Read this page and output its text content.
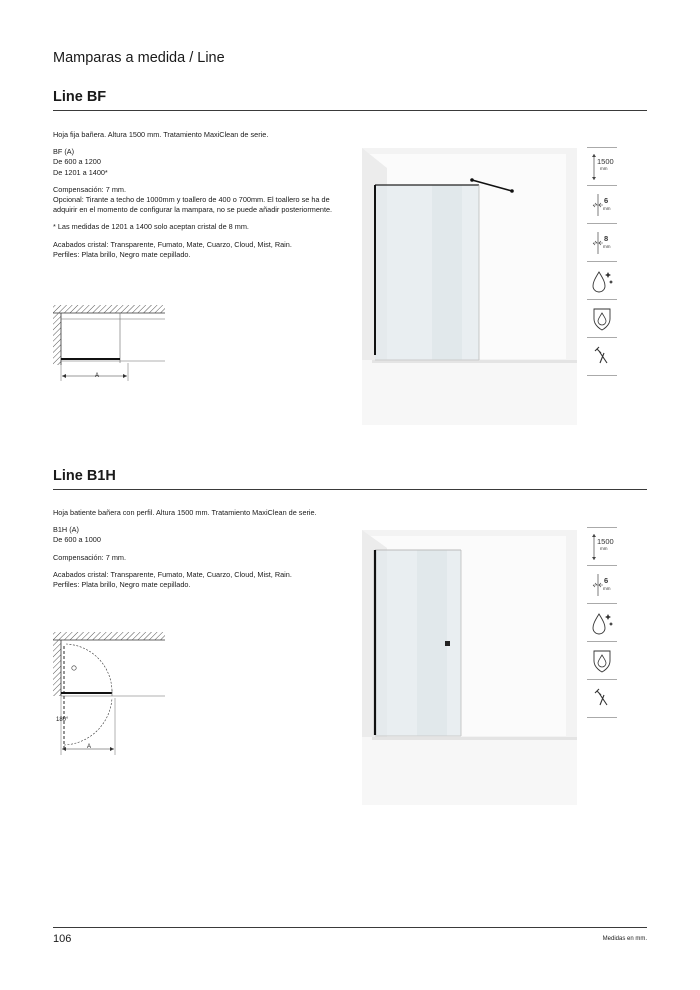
Mamparas a medida / Line
Line BF

Hoja fija bañera. Altura 1500 mm. Tratamiento MaxiClean de serie.

BF (A)

De 600 a 1200

De 1201 a 1400*

Compensación: 7 mm.

Opcional: Tirante a techo de 1000mm y toallero de 400 o 700mm. El toallero se ha de adquirir en el momento de configurar la mampara, no se puede añadir posteriormente.

* Las medidas de 1201 a 1400 solo aceptan cristal de 8 mm.

Acabados cristal: Transparente, Fumato, Mate, Cuarzo, Cloud, Mist, Rain.

Perfiles: Plata brillo, Negro mate cepillado.

A
1500
mm
6
mm
8
mm
Line B1H

Hoja batiente bañera con perfil. Altura 1500 mm. Tratamiento MaxiClean de serie.

B1H (A)

De 600 a 1000

Compensación: 7 mm.

Acabados cristal: Transparente, Fumato, Mate, Cuarzo, Cloud, Mist, Rain.

Perfiles: Plata brillo, Negro mate cepillado.

180°
A
1500
mm
6
mm
106	Medidas en mm.
